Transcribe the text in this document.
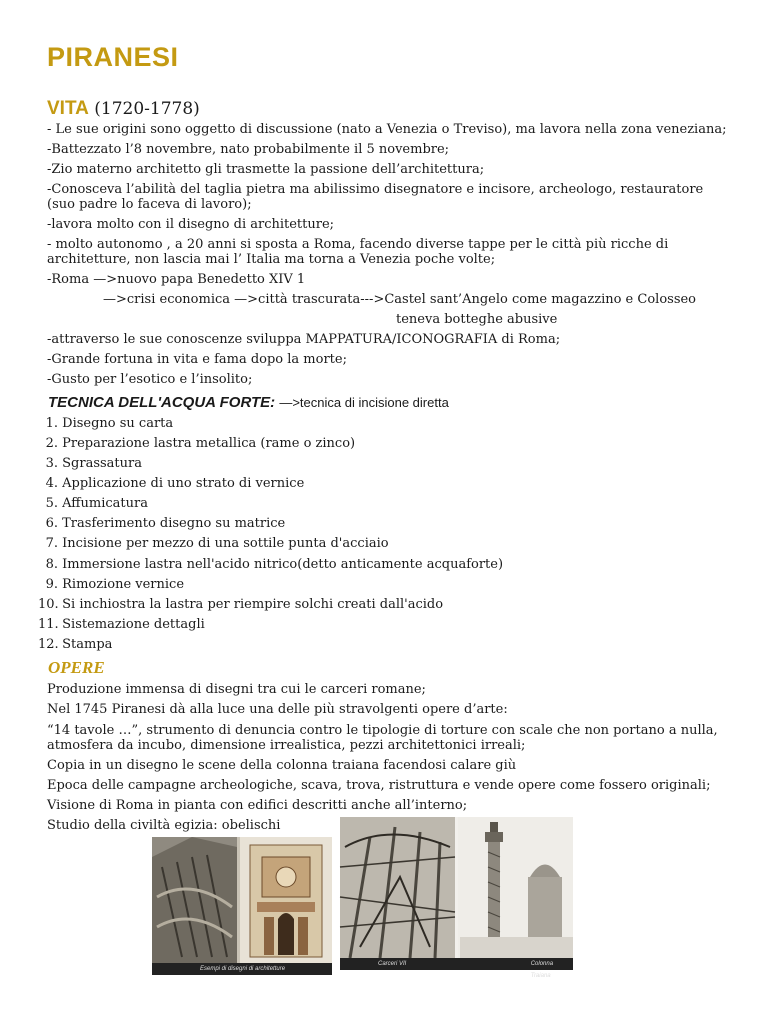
PIRANESI
VITA (1720-1778)
- Le sue origini sono oggetto di discussione (nato a Venezia o Treviso), ma lavora nella zona veneziana;
-Battezzato l’8 novembre, nato probabilmente il 5 novembre;
-Zio materno architetto gli trasmette la passione dell’architettura;
-Conosceva l’abilità del taglia pietra ma abilissimo disegnatore e incisore, archeologo, restauratore
(suo padre lo faceva di lavoro);
-lavora molto con il disegno di architetture;
- molto autonomo , a 20 anni si sposta a Roma, facendo diverse tappe per le città più ricche di
architetture, non lascia mai l’ Italia ma torna a Venezia poche volte;
-Roma —>nuovo papa Benedetto XIV 1
—>crisi economica —>città trascurata--->Castel sant’Angelo come magazzino e Colosseo
teneva botteghe abusive
-attraverso le sue conoscenze sviluppa MAPPATURA/ICONOGRAFIA di Roma;
-Grande fortuna in vita e fama dopo la morte;
-Gusto per l’esotico e l’insolito;
TECNICA DELL'ACQUA FORTE: —>tecnica di incisione diretta
1. Disegno su carta
2. Preparazione lastra metallica (rame o zinco)
3. Sgrassatura
4. Applicazione di uno strato di vernice
5. Affumicatura
6. Trasferimento disegno su matrice
7. Incisione per mezzo di una sottile punta d'acciaio
8. Immersione lastra nell'acido nitrico(detto anticamente acquaforte)
9. Rimozione vernice
10. Si inchiostra la lastra per riempire solchi creati dall'acido
11. Sistemazione dettagli
12. Stampa
OPERE
Produzione immensa di disegni tra cui le carceri romane;
Nel 1745 Piranesi dà alla luce una delle più stravolgenti opere d’arte:
“14 tavole …”, strumento di denuncia contro le tipologie di torture con scale che non portano a nulla,
atmosfera da incubo, dimensione irrealistica, pezzi architettonici irreali;
Copia in un disegno le scene della colonna traiana facendosi calare giù
Epoca delle campagne archeologiche, scava, trova, ristruttura e vende opere come fossero originali;
Visione di Roma in pianta con edifici descritti anche all’interno;
Studio della civiltà egizia: obelischi
Esempi di disegni di architetture
Carceri VII	Colonna Traiana
